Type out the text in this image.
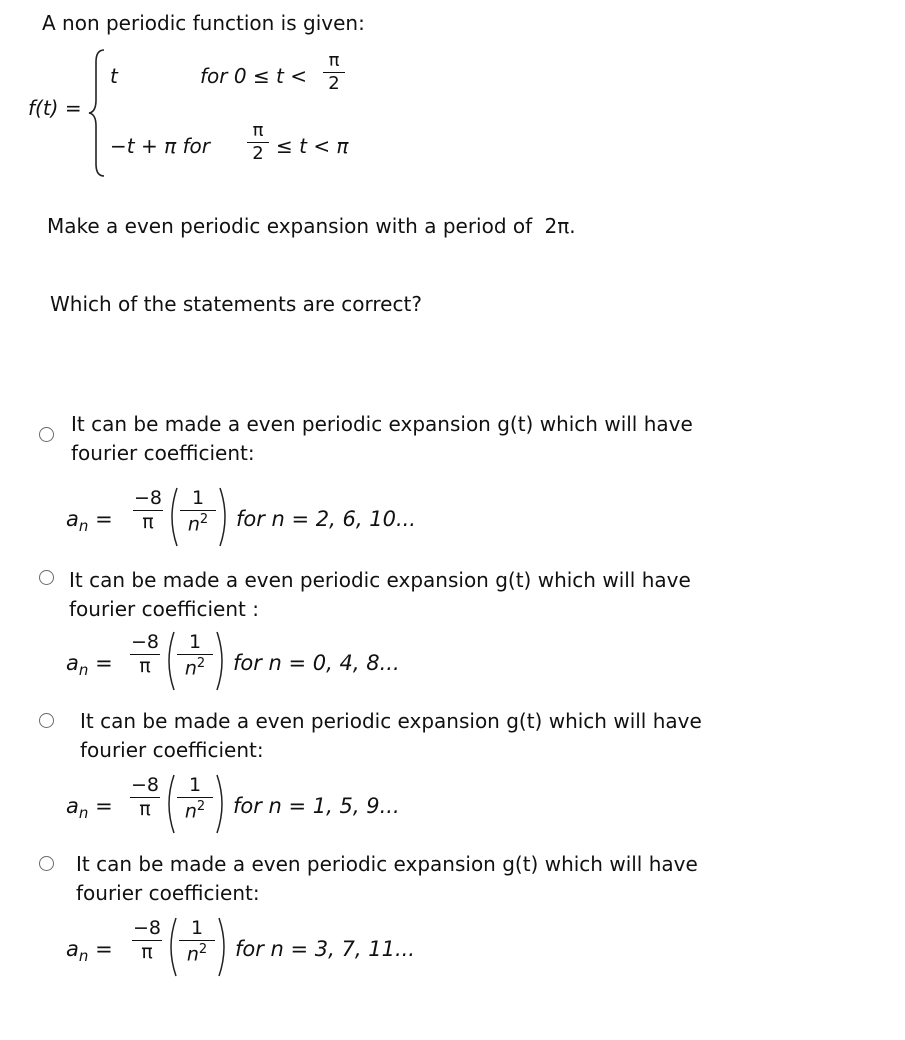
A non periodic function is given:
f(t) =
t	for 0 ≤ t <
π
2
−t + π for
π
2 ≤ t < π
Make a even periodic expansion with a period of 2π.
Which of the statements are correct?
It can be made a even periodic expansion g(t) which will have
fourier coefficient:
$a_n$ =
−8
π
1
$n^2$	for n = 2, 6, 10...
It can be made a even periodic expansion g(t) which will have
fourier coefficient :
$a_n$ =
−8
π
1
$n^2$	for n = 0, 4, 8...
It can be made a even periodic expansion g(t) which will have
fourier coefficient:
$a_n$ =
−8
π
1
$n^2$	for n = 1, 5, 9...
It can be made a even periodic expansion g(t) which will have
fourier coefficient:
$a_n$ =
−8
π
1
$n^2$	for n = 3, 7, 11...
